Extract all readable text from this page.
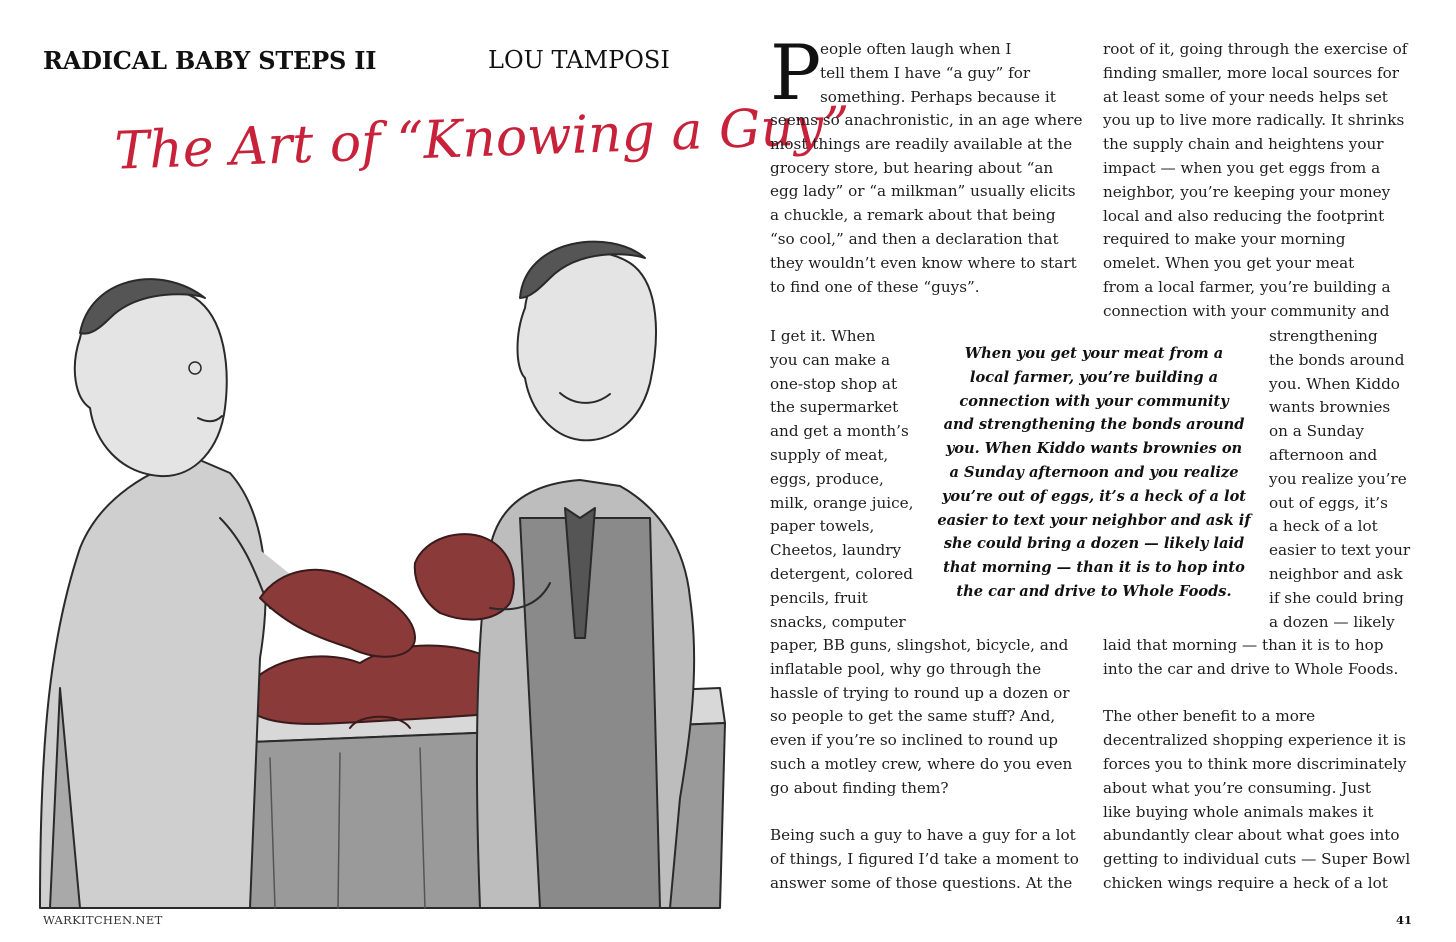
RADICAL BABY STEPS II	LOU TAMPOSI
The Art of “Knowing a Guy”
P

eople often laugh when I
tell them I have “a guy” for
something. Perhaps because it

seems so anachronistic, in an age where
most things are readily available at the
grocery store, but hearing about “an
egg lady” or “a milkman” usually elicits
a chuckle, a remark about that being
“so cool,” and then a declaration that
they wouldn’t even know where to start
to find one of these “guys”.

I get it. When
you can make a
one-stop shop at
the supermarket
and get a month’s
supply of meat,
eggs, produce,
milk, orange juice,
paper towels,
Cheetos, laundry
detergent, colored
pencils, fruit
snacks, computer

paper, BB guns, slingshot, bicycle, and
inflatable pool, why go through the
hassle of trying to round up a dozen or
so people to get the same stuff? And,
even if you’re so inclined to round up
such a motley crew, where do you even
go about finding them?

Being such a guy to have a guy for a lot
of things, I figured I’d take a moment to
answer some of those questions. At the

When you get your meat from a
local farmer, you’re building a
connection with your community
and strengthening the bonds around
you. When Kiddo wants brownies on
a Sunday afternoon and you realize
you’re out of eggs, it’s a heck of a lot
easier to text your neighbor and ask if
she could bring a dozen — likely laid
that morning — than it is to hop into
the car and drive to Whole Foods.

root of it, going through the exercise of
finding smaller, more local sources for
at least some of your needs helps set
you up to live more radically. It shrinks
the supply chain and heightens your
impact — when you get eggs from a
neighbor, you’re keeping your money
local and also reducing the footprint
required to make your morning
omelet. When you get your meat
from a local farmer, you’re building a
connection with your community and

strengthening
the bonds around
you. When Kiddo
wants brownies
on a Sunday
afternoon and
you realize you’re
out of eggs, it’s
a heck of a lot
easier to text your
neighbor and ask
if she could bring
a dozen — likely

laid that morning — than it is to hop
into the car and drive to Whole Foods.

The other benefit to a more
decentralized shopping experience it is
forces you to think more discriminately
about what you’re consuming. Just
like buying whole animals makes it
abundantly clear about what goes into
getting to individual cuts — Super Bowl
chicken wings require a heck of a lot

WARKITCHEN.NET	41
